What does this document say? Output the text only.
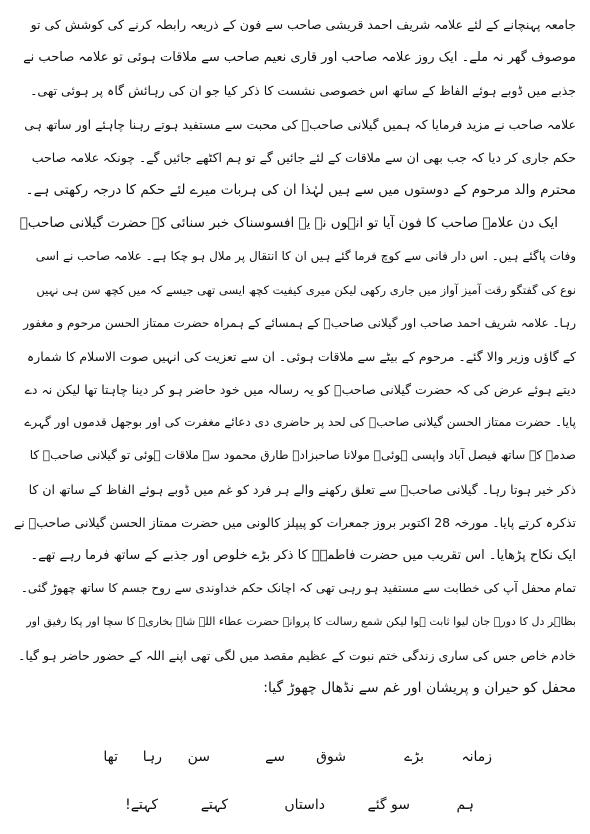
جامعہ پہنچانے کے لئے علامہ شریف احمد قریشی صاحب سے فون کے ذریعہ رابطہ کرنے کی کوشش کی تو
موصوف گھر نہ ملے۔ ایک روز علامہ صاحب اور قاری نعیم صاحب سے ملاقات ہوئی تو علامہ صاحب نے
جذبے میں ڈوبے ہوئے الفاظ کے ساتھ اس خصوصی نشست کا ذکر کیا جو ان کی رہائش گاہ پر ہوئی تھی۔
علامہ صاحب نے مزید فرمایا کہ ہمیں گیلانی صاحبؒ کی محبت سے مستفید ہوتے رہنا چاہئے اور ساتھ ہی
حکم جاری کر دیا کہ جب بھی ان سے ملاقات کے لئے جائیں گے تو ہم اکٹھے جائیں گے۔ چونکہ علامہ صاحب
محترم والد مرحوم کے دوستوں میں سے ہیں لہٰذا ان کی ہربات میرے لئے حکم کا درجہ رکھتی ہے۔
ایک دن علامہ صاحب کا فون آیا تو انہوں نے یہ افسوسناک خبر سنائی کہ حضرت گیلانی صاحبؒ
وفات پاگئے ہیں۔ اس دار فانی سے کوچ فرما گئے ہیں ان کا انتقال پر ملال ہو چکا ہے۔ علامہ صاحب نے اسی
نوع کی گفتگو رقت آمیز آواز میں جاری رکھی لیکن میری کیفیت کچھ ایسی تھی جیسے کہ میں کچھ سن ہی نہیں
رہا۔ علامہ شریف احمد صاحب اور گیلانی صاحبؒ کے ہمسائے کے ہمراہ حضرت ممتاز الحسن مرحوم و مغفور
کے گاؤں وزیر والا گئے۔ مرحوم کے بیٹے سے ملاقات ہوئی۔ ان سے تعزیت کی انہیں صوت الاسلام کا شمارہ
دیتے ہوئے عرض کی کہ حضرت گیلانی صاحبؒ کو یہ رسالہ میں خود حاضر ہو کر دینا چاہتا تھا لیکن نہ دے
پایا۔ حضرت ممتاز الحسن گیلانی صاحبؒ کی لحد پر حاضری دی دعائے مغفرت کی اور بوجھل قدموں اور گہرے
صدمے کے ساتھ فیصل آباد واپسی ہوئی۔ مولانا صاحبزادہ طارق محمود سے ملاقات ہوئی تو گیلانی صاحبؒ کا
ذکر خیر ہوتا رہا۔ گیلانی صاحبؒ سے تعلق رکھنے والے ہر فرد کو غم میں ڈوبے ہوئے الفاظ کے ساتھ ان کا
تذکرہ کرتے پایا۔ مورخہ 28 اکتوبر بروز جمعرات کو پیپلز کالونی میں حضرت ممتاز الحسن گیلانی صاحبؒ نے
ایک نکاح پڑھایا۔ اس تقریب میں حضرت فاطمہؓ کا ذکر بڑے خلوص اور جذبے کے ساتھ فرما رہے تھے۔
تمام محفل آپ کی خطابت سے مستفید ہو رہی تھی کہ اچانک حکم خداوندی سے روح جسم کا ساتھ چھوڑ گئی۔
بظاہر دل کا دورہ جان لیوا ثابت ہوا لیکن شمع رسالت کا پروانہ حضرت عطاء اللہ شاہ بخاریؒ کا سچا اور پکا رفیق اور
خادم خاص جس کی ساری زندگی ختم نبوت کے عظیم مقصد میں لگی تھی اپنے اللہ کے حضور حاضر ہو گیا۔
محفل کو حیران و پریشان اور غم سے نڈھال چھوڑ گیا:
زمانہ
بڑے
شوق
سے
سن
رہا
تھا
ہم
سو گئے
داستاں
کہتے
کہتے!
